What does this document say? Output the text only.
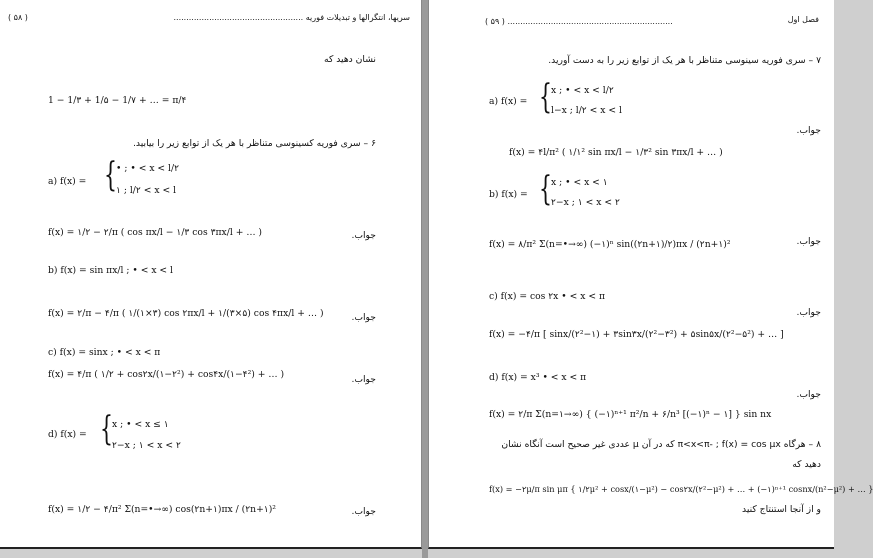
( ۵۸ )	سریها، انتگرالها و تبدیلات فوریه ...................................................
نشان دهید که
1 − 1/۳ + 1/۵ − 1/۷ + … = π/۴
۶ – سری فوریه کسینوسی متناظر با هر یک از توابع زیر را بیابید.
a) f(x) = { • ; • < x < l/۲
۱ ; l/۲ < x < l
جواب.
f(x) = ۱/۲ − ۲/π ( cos πx/l − ۱/۳ cos ۳πx/l + … )
b) f(x) = sin πx/l ; • < x < l
جواب.
f(x) = ۲/π − ۴/π ( ۱/(۱×۳) cos ۲πx/l + ۱/(۳×۵) cos ۴πx/l + … )
c) f(x) = sinx ; • < x < π
f(x) = ۴/π ( ۱/۲ + cos۲x/(۱−۲²) + cos۴x/(۱−۴²) + … )	جواب.
d) f(x) = { x ; • < x ≤ ۱
۲−x ; ۱ < x < ۲
f(x) = ۱/۲ − ۴/π² Σ(n=•→∞) cos(۲n+۱)πx / (۲n+۱)²	جواب.
( ۵۹ ) .................................................................	فصل اول
۷ – سری فوریه سینوسی متناظر با هر یک از توابع زیر را به دست آورید.
a) f(x) = { x ; • < x < l/۲
l−x ; l/۲ < x < l
جواب.
f(x) = ۴l/π² ( ۱/۱² sin πx/l − ۱/۳² sin ۳πx/l + … )
b) f(x) = { x ; • < x < ۱
۲−x ; ۱ < x < ۲
جواب.
f(x) = ۸/π² Σ(n=•→∞) (−۱)ⁿ sin((۲n+۱)/۲)πx / (۲n+۱)²
c) f(x) = cos ۲x • < x < π
جواب.
f(x) = −۴/π [ sinx/(۲²−۱) + ۳sin۳x/(۲²−۳²) + ۵sin۵x/(۲²−۵²) + … ]
d) f(x) = x³ • < x < π
جواب.
f(x) = ۲/π Σ(n=۱→∞) { (−۱)ⁿ⁺¹ π²/n + ۶/n³ [(−۱)ⁿ − ۱] } sin nx
۸ – هرگاه π<x<π- ; f(x) = cos μx که در آن μ عددی غیر صحیح است آنگاه نشان
دهید که
f(x) = −۲μ/π sin μπ { ۱/۲μ² + cosx/(۱−μ²) − cos۲x/(۲²−μ²) + … + (−۱)ⁿ⁺¹ cosnx/(n²−μ²) + … }
و از آنجا استنتاج کنید
